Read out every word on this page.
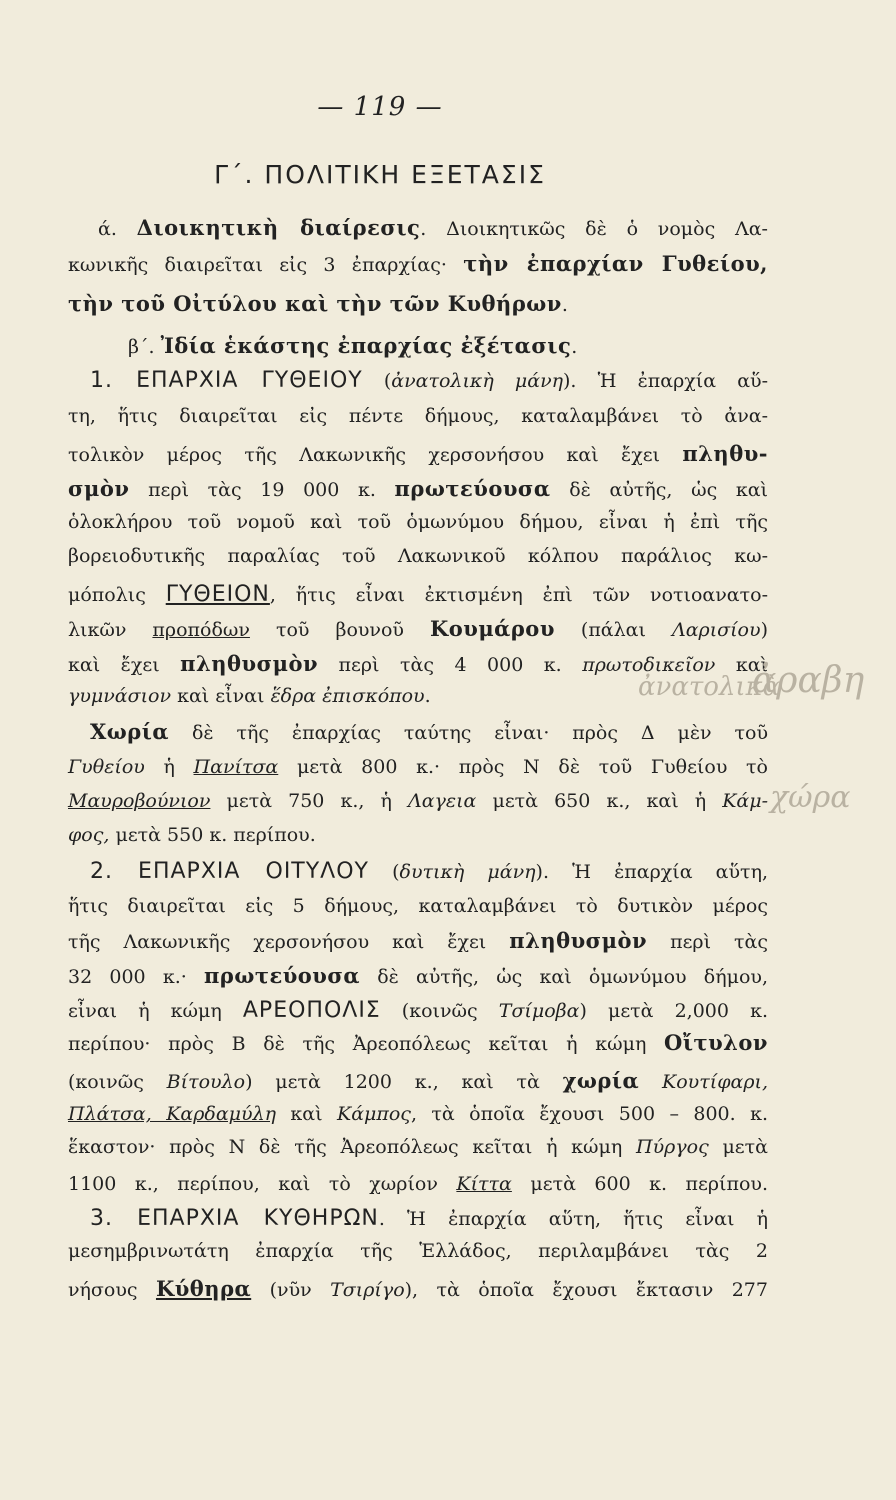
— 119 —
Γ΄. ΠΟΛΙΤΙΚΗ ΕΞΕΤΑΣΙΣ
ά. Διοικητικὴ διαίρεσις. Διοικητικῶς δὲ ὁ νομὸς Λα-
κωνικῆς διαιρεῖται εἰς 3 ἐπαρχίας· τὴν ἐπαρχίαν Γυθείου,
τὴν τοῦ Οἰτύλου καὶ τὴν τῶν Κυθήρων.
β΄. Ἰδία ἑκάστης ἐπαρχίας ἐξέτασις.
1. ΕΠΑΡΧΙΑ ΓΥΘΕΙΟΥ (ἀνατολικὴ μάνη). Ἡ ἐπαρχία αὕ-
τη, ἥτις διαιρεῖται εἰς πέντε δήμους, καταλαμβάνει τὸ ἀνα-
τολικὸν μέρος τῆς Λακωνικῆς χερσονήσου καὶ ἔχει πληθυ-
σμὸν περὶ τὰς 19 000 κ. πρωτεύουσα δὲ αὐτῆς, ὡς καὶ
ὁλοκλήρου τοῦ νομοῦ καὶ τοῦ ὁμωνύμου δήμου, εἶναι ἡ ἐπὶ τῆς
βορειοδυτικῆς παραλίας τοῦ Λακωνικοῦ κόλπου παράλιος κω-
μόπολις ΓΥΘΕΙΟΝ, ἥτις εἶναι ἐκτισμένη ἐπὶ τῶν νοτιοανατο-
λικῶν προπόδων τοῦ βουνοῦ Κουμάρου (πάλαι Λαρισίου)
καὶ ἔχει πληθυσμὸν περὶ τὰς 4 000 κ. πρωτοδικεῖον καὶ
γυμνάσιον καὶ εἶναι ἕδρα ἐπισκόπου.
Χωρία δὲ τῆς ἐπαρχίας ταύτης εἶναι· πρὸς Δ μὲν τοῦ
Γυθείου ἡ Πανίτσα μετὰ 800 κ.· πρὸς Ν δὲ τοῦ Γυθείου τὸ
Μαυροβούνιον μετὰ 750 κ., ἡ Λαγεια μετὰ 650 κ., καὶ ἡ Κάμ-
φος, μετὰ 550 κ. περίπου.
2. ΕΠΑΡΧΙΑ ΟΙΤΥΛΟΥ (δυτικὴ μάνη). Ἡ ἐπαρχία αὕτη,
ἥτις διαιρεῖται εἰς 5 δήμους, καταλαμβάνει τὸ δυτικὸν μέρος
τῆς Λακωνικῆς χερσονήσου καὶ ἔχει πληθυσμὸν περὶ τὰς
32 000 κ.· πρωτεύουσα δὲ αὐτῆς, ὡς καὶ ὁμωνύμου δήμου,
εἶναι ἡ κώμη ΑΡΕΟΠΟΛΙΣ (κοινῶς Τσίμοβα) μετὰ 2,000 κ.
περίπου· πρὸς Β δὲ τῆς Ἀρεοπόλεως κεῖται ἡ κώμη Οἴτυλον
(κοινῶς Βίτουλο) μετὰ 1200 κ., καὶ τὰ χωρία Κουτίφαρι,
Πλάτσα, Καρδαμύλη καὶ Κάμπος, τὰ ὁποῖα ἔχουσι 500 – 800. κ.
ἕκαστον· πρὸς Ν δὲ τῆς Ἀρεοπόλεως κεῖται ἡ κώμη Πύργος μετὰ
1100 κ., περίπου, καὶ τὸ χωρίον Κίττα μετὰ 600 κ. περίπου.
3. ΕΠΑΡΧΙΑ ΚΥΘΗΡΩΝ. Ἡ ἐπαρχία αὕτη, ἥτις εἶναι ἡ
μεσημβρινωτάτη ἐπαρχία τῆς Ἑλλάδος, περιλαμβάνει τὰς 2
νήσους Κύθηρα (νῦν Τσιρίγο), τὰ ὁποῖα ἔχουσι ἔκτασιν 277
ἀνατολικὰ
ἀραβη
χώρα
